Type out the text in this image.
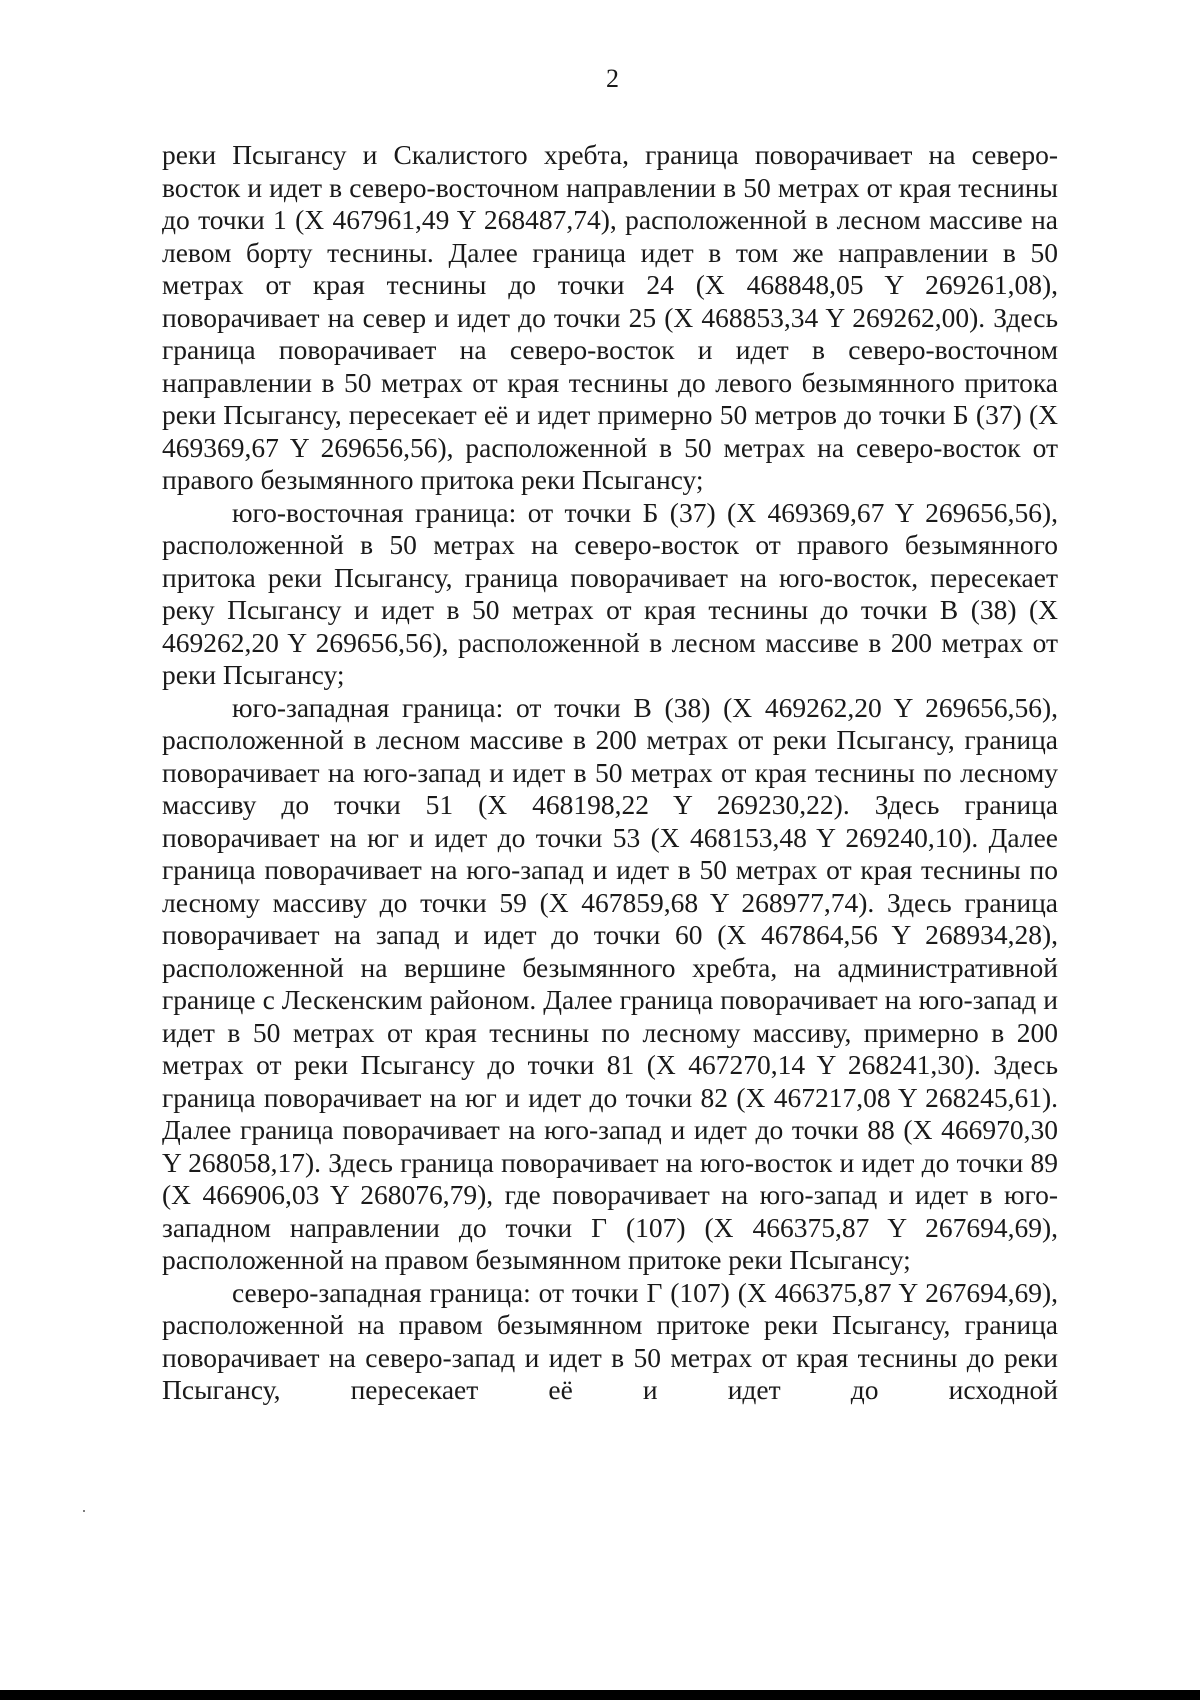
2

реки Псыгансу и Скалистого хребта, граница поворачивает на северо-восток и идет в северо-восточном направлении в 50 метрах от края теснины до точки 1 (X 467961,49 Y 268487,74), расположенной в лесном массиве на левом борту теснины. Далее граница идет в том же направлении в 50 метрах от края теснины до точки 24 (X 468848,05 Y 269261,08), поворачивает на север и идет до точки 25 (X 468853,34 Y 269262,00). Здесь граница поворачивает на северо-восток и идет в северо-восточном направлении в 50 метрах от края теснины до левого безымянного притока реки Псыгансу, пересекает её и идет примерно 50 метров до точки Б (37) (X 469369,67 Y 269656,56), расположенной в 50 метрах на северо-восток от правого безымянного притока реки Псыгансу;

юго-восточная граница: от точки Б (37) (X 469369,67 Y 269656,56), расположенной в 50 метрах на северо-восток от правого безымянного притока реки Псыгансу, граница поворачивает на юго-восток, пересекает реку Псыгансу и идет в 50 метрах от края теснины до точки В (38) (X 469262,20 Y 269656,56), расположенной в лесном массиве в 200 метрах от реки Псыгансу;

юго-западная граница: от точки В (38) (X 469262,20 Y 269656,56), расположенной в лесном массиве в 200 метрах от реки Псыгансу, граница поворачивает на юго-запад и идет в 50 метрах от края теснины по лесному массиву до точки 51 (X 468198,22 Y 269230,22). Здесь граница поворачивает на юг и идет до точки 53 (X 468153,48 Y 269240,10). Далее граница поворачивает на юго-запад и идет в 50 метрах от края теснины по лесному массиву до точки 59 (X 467859,68 Y 268977,74). Здесь граница поворачивает на запад и идет до точки 60 (X 467864,56 Y 268934,28), расположенной на вершине безымянного хребта, на административной границе с Лескенским районом. Далее граница поворачивает на юго-запад и идет в 50 метрах от края теснины по лесному массиву, примерно в 200 метрах от реки Псыгансу до точки 81 (X 467270,14 Y 268241,30). Здесь граница поворачивает на юг и идет до точки 82 (X 467217,08 Y 268245,61). Далее граница поворачивает на юго-запад и идет до точки 88 (X 466970,30 Y 268058,17). Здесь граница поворачивает на юго-восток и идет до точки 89 (X 466906,03 Y 268076,79), где поворачивает на юго-запад и идет в юго-западном направлении до точки Г (107) (X 466375,87 Y 267694,69), расположенной на правом безымянном притоке реки Псыгансу;

северо-западная граница: от точки Г (107) (X 466375,87 Y 267694,69), расположенной на правом безымянном притоке реки Псыгансу, граница поворачивает на северо-запад и идет в 50 метрах от края теснины до реки Псыгансу, пересекает её и идет до исходной
